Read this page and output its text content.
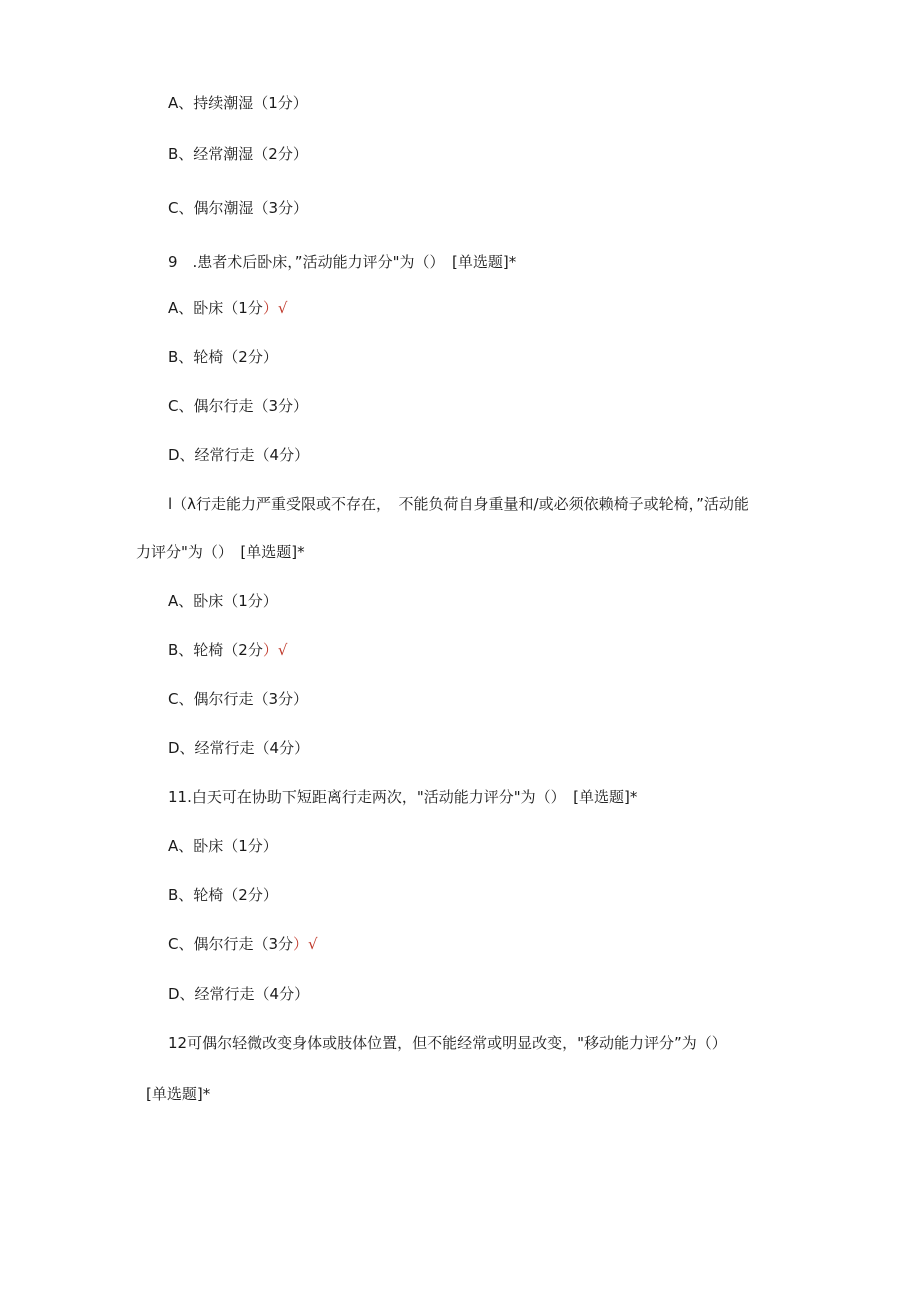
A、持续潮湿（1分）
B、经常潮湿（2分）
C、偶尔潮湿（3分）
9　.患者术后卧床，”活动能力评分"为（）　[单选题]*
A、卧床（1分）√
B、轮椅（2分）
C、偶尔行走（3分）
D、经常行走（4分）
l（λ行走能力严重受限或不存在，　不能负荷自身重量和/或必须依赖椅子或轮椅，”活动能
力评分"为（）　[单选题]*
A、卧床（1分）
B、轮椅（2分）√
C、偶尔行走（3分）
D、经常行走（4分）
11.白天可在协助下短距离行走两次，"活动能力评分"为（）　[单选题]*
A、卧床（1分）
B、轮椅（2分）
C、偶尔行走（3分）√
D、经常行走（4分）
12可偶尔轻微改变身体或肢体位置，但不能经常或明显改变，"移动能力评分”为（）
[单选题]*
